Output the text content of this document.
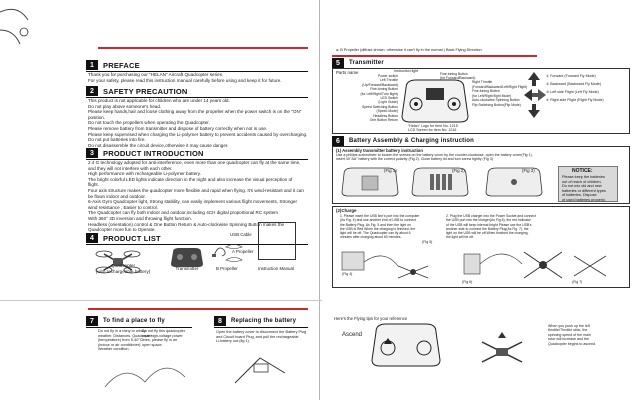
1	PREFACE
Thank you for purchasing our "HELAN" Aircraft Quadcopter series.
For your safety, please read this instruction manual carefully before using and keep it for future.
2	SAFETY PRECAUTION
This product is not applicable for children who are under 14 years old.
Do not play above someone's head.
Please keep hands,hair and loose clothing away from the propeller when the power switch is on the "ON"
position.
Do not touch the propellers when operating the Quadcopter.
Please remove battery from transmitter and dispose of battery correctly when not in use.
Please keep supervised when charging the Li-polymer battery to prevent accidents caused by overcharging.
Do not put batteries into fire.
Do not disassemble the circuit device,otherwise it may cause danger.
3	PRODUCT INTRODUCTION
2.4 G technology adopted for anti-interference, even more than one quadcopter can fly at the same time,
and they will not interfere with each other.
High performance with rechargeable Li-polymer battery.
The bright colorful LED lights indicate direction in the night and also increase the visual perception of
flight.
Four axis structure makes the quadcopter more flexible and rapid when flying. It's wind-resistant and it can
be flown indoor and outdoor.
6-Axis Gyro Quadcopter light, Strong stability, can easily implement various flight movements, Stronger
wind resistance , Easier to control.
The Quadcopter can fly both indoor and outdoor,including 4CH digital proportional RC system
With 360° 3D inversion and throwing flight function.
Headless (orientation) control & One Button Return & Auto-clockwise Spinning Button makes the
Quadcopter more fun to Operate.
4	PRODUCT LIST
Quadcopter
(with rechargeable battery)
Transmitter
USB Cable
A Propeller
B Propeller	Instruction Manual
7	To find a place to fly
Do not fly in a rainy or windy
weather. Distances. Quadcopter
(temperature) from 5-40°C
(indoor or air conditioner).
Weather condition.
Do not fly this quadcopter
near high-voltage power
lines, please fly in an
open space.
8	Replacing the battery
Open the battery cover to disconnect the Battery Plug
and Circuit board Plug, and pull the rechargeable
Li-battery out.(fig 1)
a: B Propeller (diffuse shown, otherwise it can't fly in the normal ) Back Flying Direction
5	Transmitter
Parts name
Power switch
Left Throttle
(Up/Forward/Backward)
Fine-tuning Button
(for Left/Right/Turn flight)
LED Switch
(Light Guide)
Speed Switching Button
(Speed Mode)
Headless Button
One Button Return
Instruction light
Fine-tuning Button
(for Forward/Backward)
Right Throttle
(Forward/Backward/Left/Right Flight)
Fine-tuning Button
(for Left/Right flight Mode)
Auto-clockwise Spinning Button
Flip Switching Button(Flip Mode)
① Forward (Forward Fly Mode)
② Backward (Backward Fly Mode)
③ Left side Flight (Left Fly Mode)
④ Right side Flight (Right Fly Mode)
"Helan" Logo for Item No. 1215
LCD Screen for Item No. 1216
6	Battery Assembly & Charging instruction
(1) Assembly transmitter battery instruction
Use a phillips screwdriver to loosen the screws on the battery cover by the counter-clockwise, open the battery cover(Fig 1),
insert 4X"AA" battery with the correct polarity (Fig 2). Close battery lid and turn screw tightly (Fig 3)
(Fig 1)	(Fig 2)	(Fig 3)	NOTICE:
Please keep the batteries
out of reach of children.
Do not mix old and new
batteries or different types
of batteries. Dispose
of used batteries properly.
(2)Charge
1. Please insert the USB line's port into the computer
(As Fig. 4) and use another end of USB to connect
the Battery Plug. As Fig. 5 and then the light on
the USB is Red.When the charging is finished, the
light will be off. The Quadcopter can fly about 6
minutes after charging about 60 minutes.
2. Plug the USB charger into the Power Socket and connect
the USB port into the charger(As Fig.5), the red indicator
of the USB will keep internal bright.Please use the USB's
another side to connect the Battery Plug(As Fig. 7), the
light on the USB will be off.When finished the charging,
the light will be off.
(Fig 4)
(Fig 5)
(Fig 6)	(Fig 7)
Here's the Flying tips for your reference
Ascend
When you push up the left
throttle/Throttle stick, the
spinning speed of the main
rotor will increase and the
Quadcopter begins to ascend.
